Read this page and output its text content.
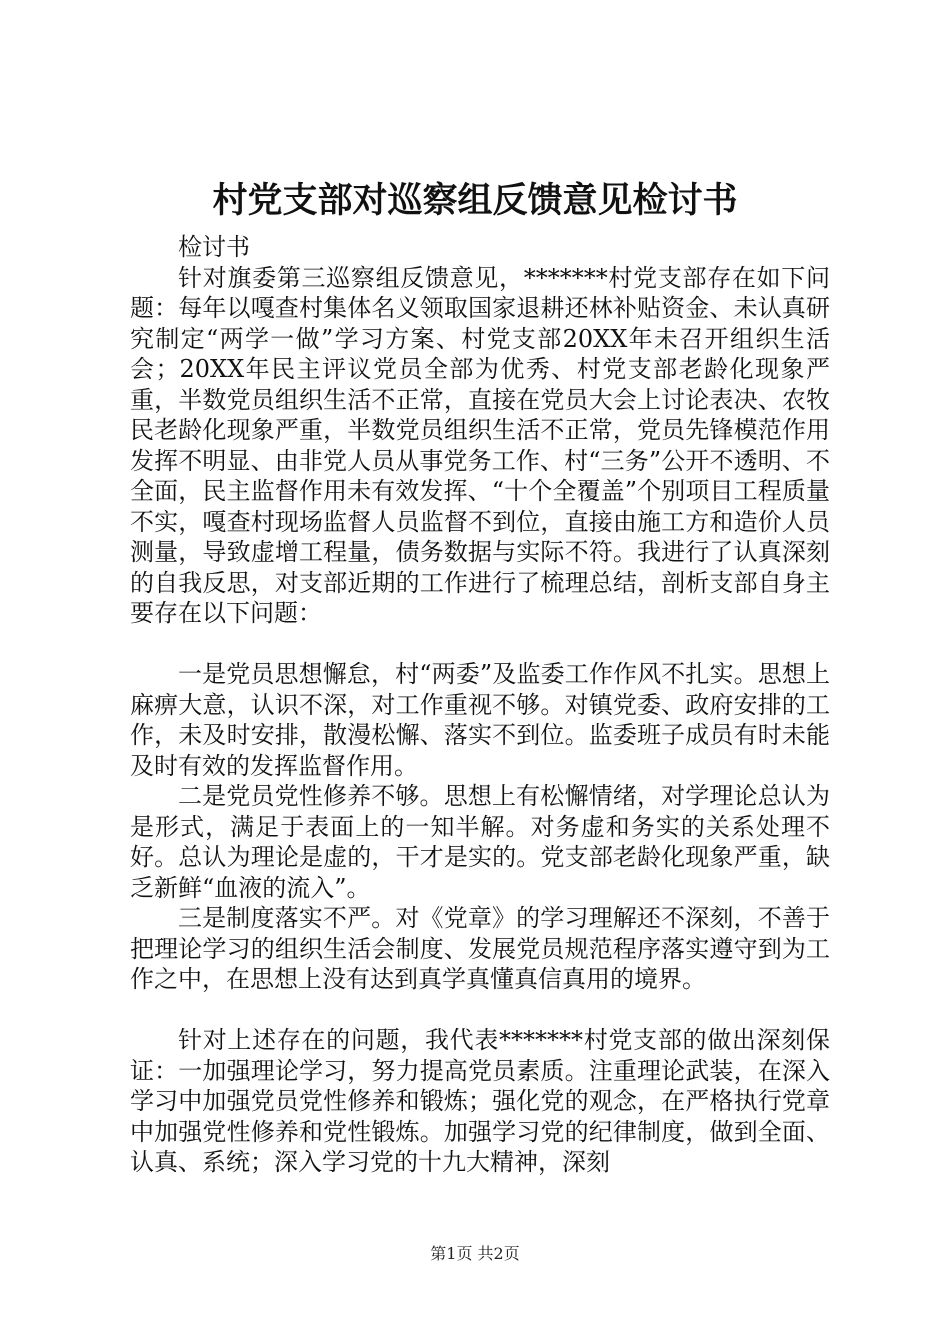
村党支部对巡察组反馈意见检讨书

检讨书

针对旗委第三巡察组反馈意见，*******村党支部存在如下问题：每年以嘎查村集体名义领取国家退耕还林补贴资金、未认真研究制定“两学一做”学习方案、村党支部20XX年未召开组织生活会；20XX年民主评议党员全部为优秀、村党支部老龄化现象严重，半数党员组织生活不正常，直接在党员大会上讨论表决、农牧民老龄化现象严重，半数党员组织生活不正常，党员先锋模范作用发挥不明显、由非党人员从事党务工作、村“三务”公开不透明、不全面，民主监督作用未有效发挥、“十个全覆盖”个别项目工程质量不实，嘎查村现场监督人员监督不到位，直接由施工方和造价人员测量，导致虚增工程量，债务数据与实际不符。我进行了认真深刻的自我反思，对支部近期的工作进行了梳理总结，剖析支部自身主要存在以下问题：

一是党员思想懈怠，村“两委”及监委工作作风不扎实。思想上麻痹大意，认识不深，对工作重视不够。对镇党委、政府安排的工作，未及时安排，散漫松懈、落实不到位。监委班子成员有时未能及时有效的发挥监督作用。

二是党员党性修养不够。思想上有松懈情绪，对学理论总认为是形式，满足于表面上的一知半解。对务虚和务实的关系处理不好。总认为理论是虚的，干才是实的。党支部老龄化现象严重，缺乏新鲜“血液的流入”。

三是制度落实不严。对《党章》的学习理解还不深刻，不善于把理论学习的组织生活会制度、发展党员规范程序落实遵守到为工作之中，在思想上没有达到真学真懂真信真用的境界。

针对上述存在的问题，我代表*******村党支部的做出深刻保证：一加强理论学习，努力提高党员素质。注重理论武装，在深入学习中加强党员党性修养和锻炼；强化党的观念，在严格执行党章中加强党性修养和党性锻炼。加强学习党的纪律制度，做到全面、认真、系统；深入学习党的十九大精神，深刻

第1页 共2页
